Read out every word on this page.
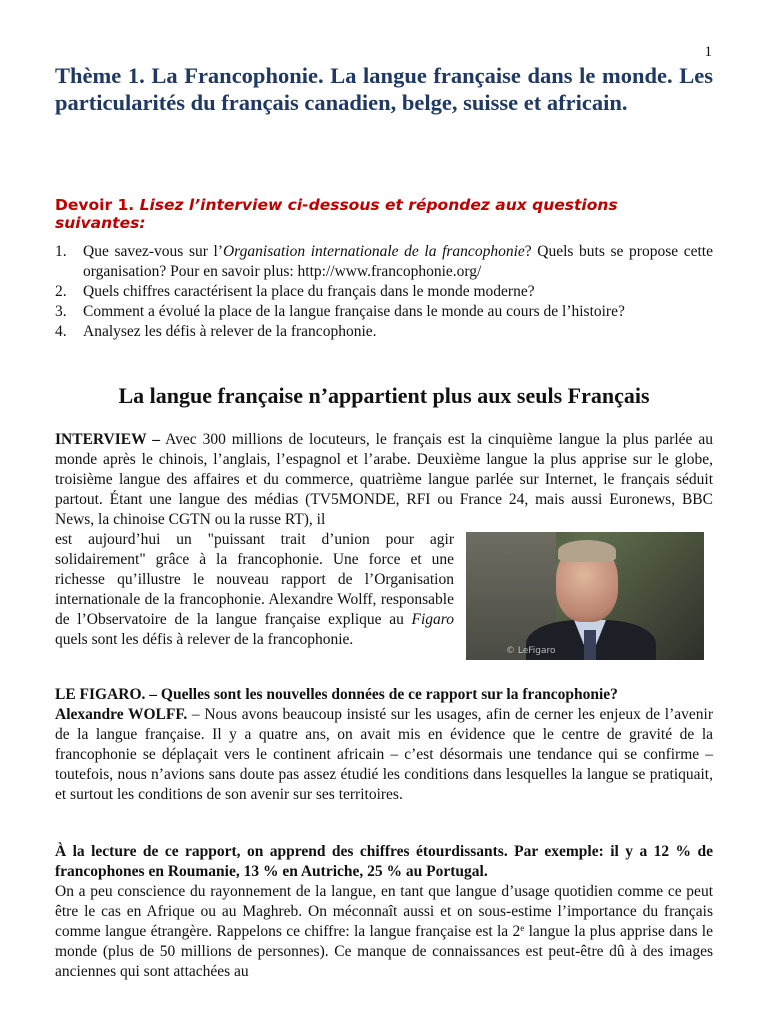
1
Thème 1. La Francophonie. La langue française dans le monde. Les particularités du français canadien, belge, suisse et africain.
Devoir 1. Lisez l’interview ci-dessous et répondez aux questions suivantes:
1. Que savez-vous sur l’Organisation internationale de la francophonie? Quels buts se propose cette organisation? Pour en savoir plus: http://www.francophonie.org/
2. Quels chiffres caractérisent la place du français dans le monde moderne?
3. Comment a évolué la place de la langue française dans le monde au cours de l’histoire?
4. Analysez les défis à relever de la francophonie.
La langue française n’appartient plus aux seuls Français

INTERVIEW – Avec 300 millions de locuteurs, le français est la cinquième langue la plus parlée au monde après le chinois, l’anglais, l’espagnol et l’arabe. Deuxième langue la plus apprise sur le globe, troisième langue des affaires et du commerce, quatrième langue parlée sur Internet, le français séduit partout. Étant une langue des médias (TV5MONDE, RFI ou France 24, mais aussi Euronews, BBC News, la chinoise CGTN ou la russe RT), il

est aujourd’hui un "puissant trait d’union pour agir solidairement" grâce à la francophonie. Une force et une richesse qu’illustre le nouveau rapport de l’Organisation internationale de la francophonie. Alexandre Wolff, responsable de l’Observatoire de la langue française explique au Figaro quels sont les défis à relever de la francophonie.

© LeFigaro

LE FIGARO. – Quelles sont les nouvelles données de ce rapport sur la francophonie?
Alexandre WOLFF. – Nous avons beaucoup insisté sur les usages, afin de cerner les enjeux de l’avenir de la langue française. Il y a quatre ans, on avait mis en évidence que le centre de gravité de la francophonie se déplaçait vers le continent africain – c’est désormais une tendance qui se confirme – toutefois, nous n’avions sans doute pas assez étudié les conditions dans lesquelles la langue se pratiquait, et surtout les conditions de son avenir sur ses territoires.

À la lecture de ce rapport, on apprend des chiffres étourdissants. Par exemple: il y a 12 % de francophones en Roumanie, 13 % en Autriche, 25 % au Portugal.
On a peu conscience du rayonnement de la langue, en tant que langue d’usage quotidien comme ce peut être le cas en Afrique ou au Maghreb. On méconnaît aussi et on sous-estime l’importance du français comme langue étrangère. Rappelons ce chiffre: la langue française est la 2e langue la plus apprise dans le monde (plus de 50 millions de personnes). Ce manque de connaissances est peut-être dû à des images anciennes qui sont attachées au
